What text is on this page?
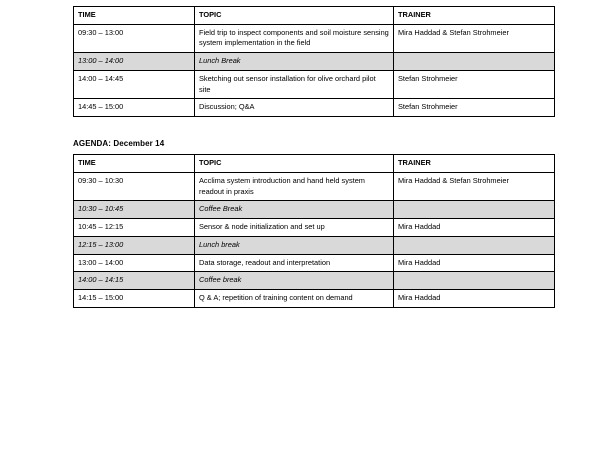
TIME	TOPIC	TRAINER
09:30 – 13:00	Field trip to inspect components and soil moisture sensing system implementation in the field	Mira Haddad & Stefan Strohmeier
13:00 – 14:00	Lunch Break	
14:00 – 14:45	Sketching out sensor installation for olive orchard pilot site	Stefan Strohmeier
14:45 – 15:00	Discussion; Q&A	Stefan Strohmeier
AGENDA: December 14
TIME	TOPIC	TRAINER
09:30 – 10:30	Acclima system introduction and hand held system readout in praxis	Mira Haddad & Stefan Strohmeier
10:30 – 10:45	Coffee Break	
10:45 – 12:15	Sensor & node initialization and set up	Mira Haddad
12:15 – 13:00	Lunch break	
13:00 – 14:00	Data storage, readout and interpretation	Mira Haddad
14:00 – 14:15	Coffee break	
14:15 – 15:00	Q & A; repetition of training content on demand	Mira Haddad
